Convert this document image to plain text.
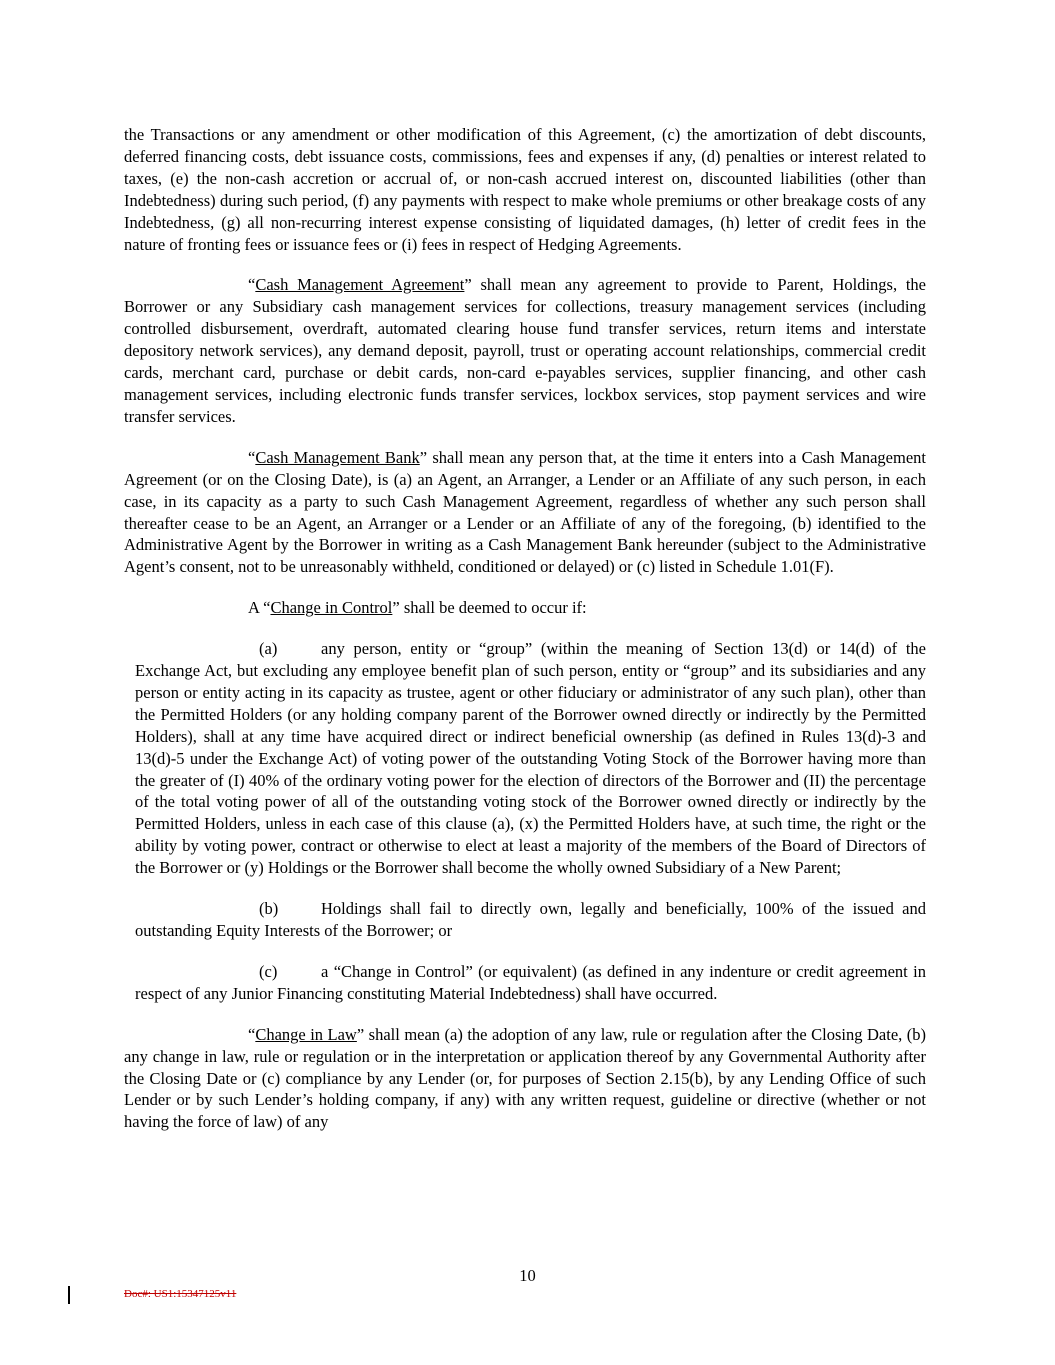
the Transactions or any amendment or other modification of this Agreement, (c) the amortization of debt discounts, deferred financing costs, debt issuance costs, commissions, fees and expenses if any, (d) penalties or interest related to taxes, (e) the non-cash accretion or accrual of, or non-cash accrued interest on, discounted liabilities (other than Indebtedness) during such period, (f) any payments with respect to make whole premiums or other breakage costs of any Indebtedness, (g) all non-recurring interest expense consisting of liquidated damages, (h) letter of credit fees in the nature of fronting fees or issuance fees or (i) fees in respect of Hedging Agreements.

“Cash Management Agreement” shall mean any agreement to provide to Parent, Holdings, the Borrower or any Subsidiary cash management services for collections, treasury management services (including controlled disbursement, overdraft, automated clearing house fund transfer services, return items and interstate depository network services), any demand deposit, payroll, trust or operating account relationships, commercial credit cards, merchant card, purchase or debit cards, non-card e-payables services, supplier financing, and other cash management services, including electronic funds transfer services, lockbox services, stop payment services and wire transfer services.

“Cash Management Bank” shall mean any person that, at the time it enters into a Cash Management Agreement (or on the Closing Date), is (a) an Agent, an Arranger, a Lender or an Affiliate of any such person, in each case, in its capacity as a party to such Cash Management Agreement, regardless of whether any such person shall thereafter cease to be an Agent, an Arranger or a Lender or an Affiliate of any of the foregoing, (b) identified to the Administrative Agent by the Borrower in writing as a Cash Management Bank hereunder (subject to the Administrative Agent’s consent, not to be unreasonably withheld, conditioned or delayed) or (c) listed in Schedule 1.01(F).

A “Change in Control” shall be deemed to occur if:

(a)	any person, entity or “group” (within the meaning of Section 13(d) or 14(d) of the Exchange Act, but excluding any employee benefit plan of such person, entity or “group” and its subsidiaries and any person or entity acting in its capacity as trustee, agent or other fiduciary or administrator of any such plan), other than the Permitted Holders (or any holding company parent of the Borrower owned directly or indirectly by the Permitted Holders), shall at any time have acquired direct or indirect beneficial ownership (as defined in Rules 13(d)-3 and 13(d)-5 under the Exchange Act) of voting power of the outstanding Voting Stock of the Borrower having more than the greater of (I) 40% of the ordinary voting power for the election of directors of the Borrower and (II) the percentage of the total voting power of all of the outstanding voting stock of the Borrower owned directly or indirectly by the Permitted Holders, unless in each case of this clause (a), (x) the Permitted Holders have, at such time, the right or the ability by voting power, contract or otherwise to elect at least a majority of the members of the Board of Directors of the Borrower or (y) Holdings or the Borrower shall become the wholly owned Subsidiary of a New Parent;

(b)	Holdings shall fail to directly own, legally and beneficially, 100% of the issued and outstanding Equity Interests of the Borrower; or

(c)	a “Change in Control” (or equivalent) (as defined in any indenture or credit agreement in respect of any Junior Financing constituting Material Indebtedness) shall have occurred.

“Change in Law” shall mean (a) the adoption of any law, rule or regulation after the Closing Date, (b) any change in law, rule or regulation or in the interpretation or application thereof by any Governmental Authority after the Closing Date or (c) compliance by any Lender (or, for purposes of Section 2.15(b), by any Lending Office of such Lender or by such Lender’s holding company, if any) with any written request, guideline or directive (whether or not having the force of law) of any

10
Doc#: US1:15347125v11
